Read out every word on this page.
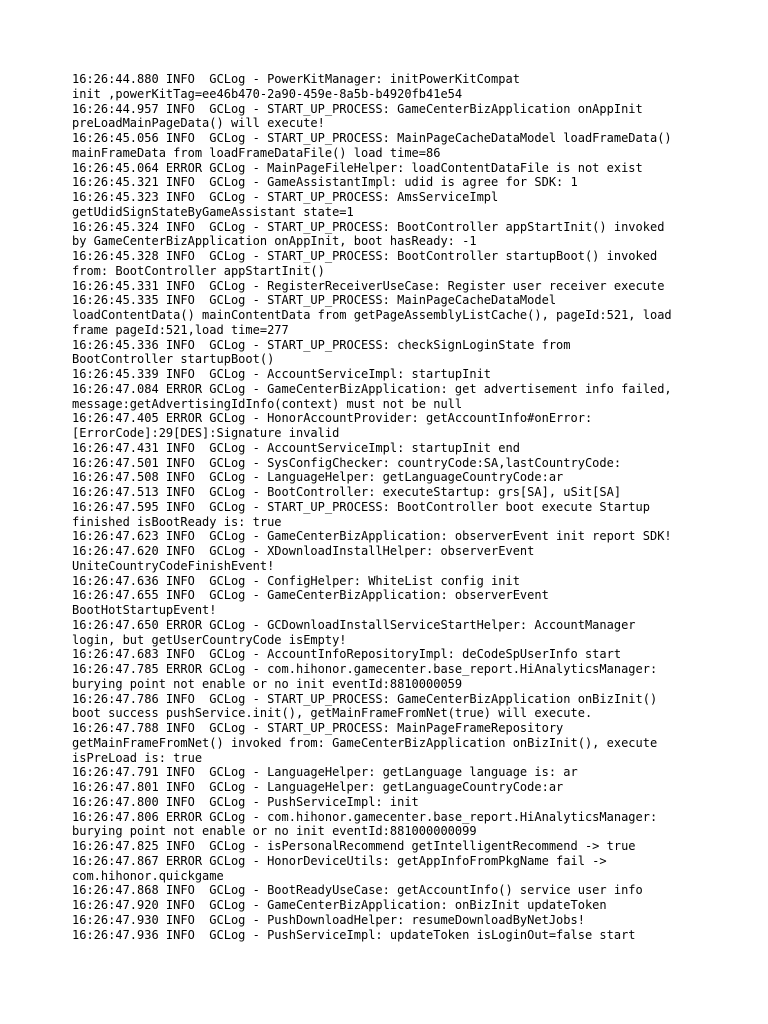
16:26:44.880 INFO  GCLog - PowerKitManager: initPowerKitCompat
init ,powerKitTag=ee46b470-2a90-459e-8a5b-b4920fb41e54
16:26:44.957 INFO  GCLog - START_UP_PROCESS: GameCenterBizApplication onAppInit
preLoadMainPageData() will execute!
16:26:45.056 INFO  GCLog - START_UP_PROCESS: MainPageCacheDataModel loadFrameData()
mainFrameData from loadFrameDataFile() load time=86
16:26:45.064 ERROR GCLog - MainPageFileHelper: loadContentDataFile is not exist
16:26:45.321 INFO  GCLog - GameAssistantImpl: udid is agree for SDK: 1
16:26:45.323 INFO  GCLog - START_UP_PROCESS: AmsServiceImpl
getUdidSignStateByGameAssistant state=1
16:26:45.324 INFO  GCLog - START_UP_PROCESS: BootController appStartInit() invoked
by GameCenterBizApplication onAppInit, boot hasReady: -1
16:26:45.328 INFO  GCLog - START_UP_PROCESS: BootController startupBoot() invoked
from: BootController appStartInit()
16:26:45.331 INFO  GCLog - RegisterReceiverUseCase: Register user receiver execute
16:26:45.335 INFO  GCLog - START_UP_PROCESS: MainPageCacheDataModel
loadContentData() mainContentData from getPageAssemblyListCache(), pageId:521, load
frame pageId:521,load time=277
16:26:45.336 INFO  GCLog - START_UP_PROCESS: checkSignLoginState from
BootController startupBoot()
16:26:45.339 INFO  GCLog - AccountServiceImpl: startupInit
16:26:47.084 ERROR GCLog - GameCenterBizApplication: get advertisement info failed,
message:getAdvertisingIdInfo(context) must not be null
16:26:47.405 ERROR GCLog - HonorAccountProvider: getAccountInfo#onError:
[ErrorCode]:29[DES]:Signature invalid
16:26:47.431 INFO  GCLog - AccountServiceImpl: startupInit end
16:26:47.501 INFO  GCLog - SysConfigChecker: countryCode:SA,lastCountryCode:
16:26:47.508 INFO  GCLog - LanguageHelper: getLanguageCountryCode:ar
16:26:47.513 INFO  GCLog - BootController: executeStartup: grs[SA], uSit[SA]
16:26:47.595 INFO  GCLog - START_UP_PROCESS: BootController boot execute Startup
finished isBootReady is: true
16:26:47.623 INFO  GCLog - GameCenterBizApplication: observerEvent init report SDK!
16:26:47.620 INFO  GCLog - XDownloadInstallHelper: observerEvent
UniteCountryCodeFinishEvent!
16:26:47.636 INFO  GCLog - ConfigHelper: WhiteList config init
16:26:47.655 INFO  GCLog - GameCenterBizApplication: observerEvent
BootHotStartupEvent!
16:26:47.650 ERROR GCLog - GCDownloadInstallServiceStartHelper: AccountManager
login, but getUserCountryCode isEmpty!
16:26:47.683 INFO  GCLog - AccountInfoRepositoryImpl: deCodeSpUserInfo start
16:26:47.785 ERROR GCLog - com.hihonor.gamecenter.base_report.HiAnalyticsManager:
burying point not enable or no init eventId:8810000059
16:26:47.786 INFO  GCLog - START_UP_PROCESS: GameCenterBizApplication onBizInit()
boot success pushService.init(), getMainFrameFromNet(true) will execute.
16:26:47.788 INFO  GCLog - START_UP_PROCESS: MainPageFrameRepository
getMainFrameFromNet() invoked from: GameCenterBizApplication onBizInit(), execute
isPreLoad is: true
16:26:47.791 INFO  GCLog - LanguageHelper: getLanguage language is: ar
16:26:47.801 INFO  GCLog - LanguageHelper: getLanguageCountryCode:ar
16:26:47.800 INFO  GCLog - PushServiceImpl: init
16:26:47.806 ERROR GCLog - com.hihonor.gamecenter.base_report.HiAnalyticsManager:
burying point not enable or no init eventId:881000000099
16:26:47.825 INFO  GCLog - isPersonalRecommend getIntelligentRecommend -> true
16:26:47.867 ERROR GCLog - HonorDeviceUtils: getAppInfoFromPkgName fail ->
com.hihonor.quickgame
16:26:47.868 INFO  GCLog - BootReadyUseCase: getAccountInfo() service user info
16:26:47.920 INFO  GCLog - GameCenterBizApplication: onBizInit updateToken
16:26:47.930 INFO  GCLog - PushDownloadHelper: resumeDownloadByNetJobs!
16:26:47.936 INFO  GCLog - PushServiceImpl: updateToken isLoginOut=false start
